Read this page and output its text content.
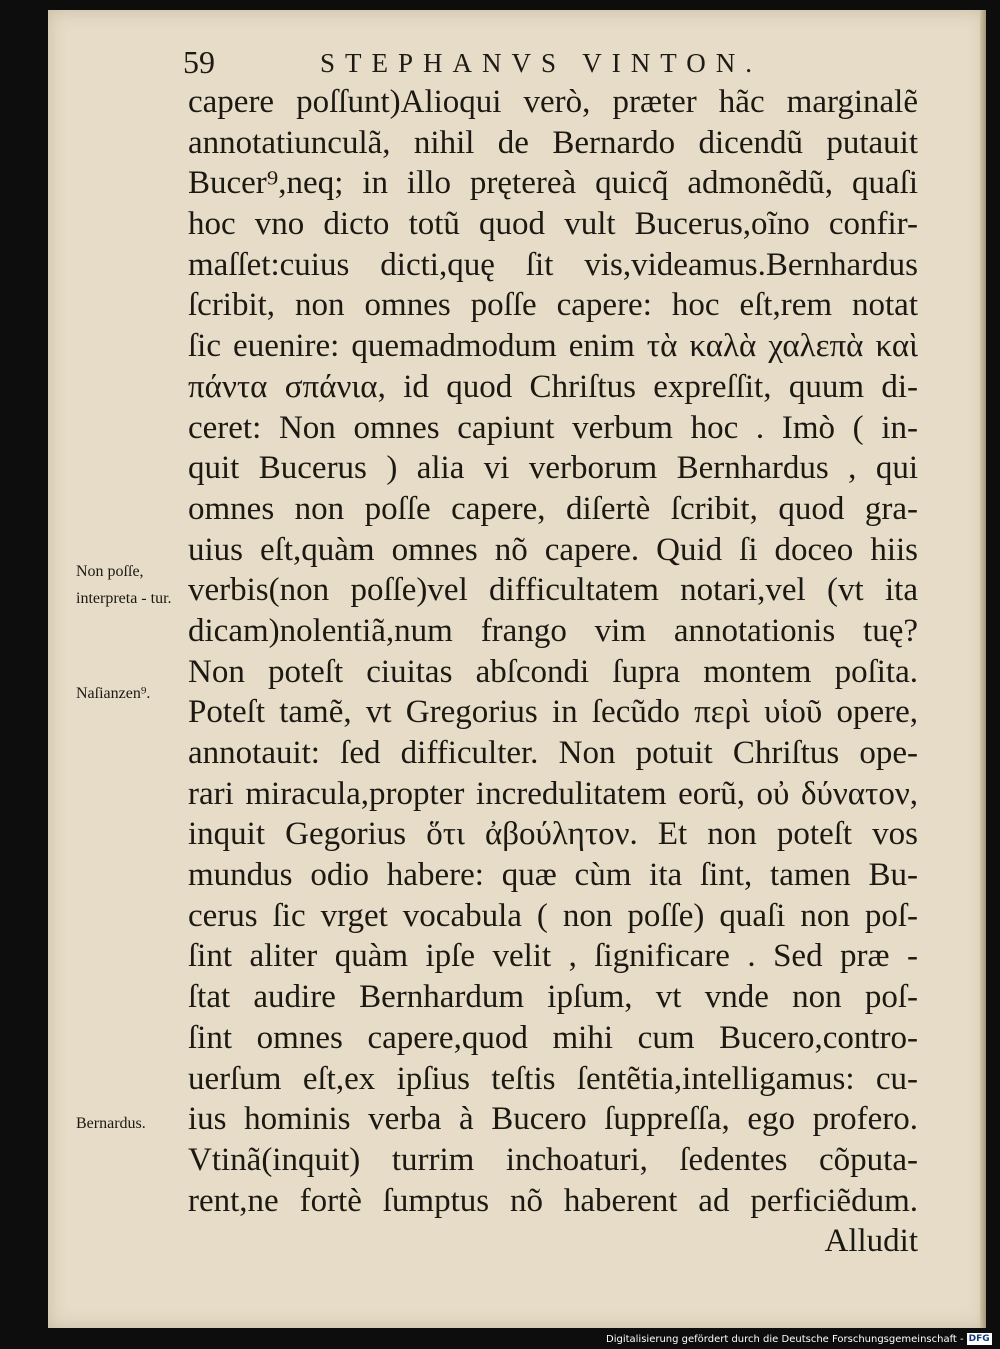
59	STEPHANVS VINTON.
capere poſſunt)Alioqui verò, præter hãc marginalẽ
annotatiunculã, nihil de Bernardo dicendũ putauit
Bucer⁹,neq; in illo prętereà quicq̃ admonẽdũ, quaſi
hoc vno dicto totũ quod vult Bucerus,oĩno confir-
maſſet:cuius dicti,quę ſit vis,videamus.Bernhardus
ſcribit, non omnes poſſe capere: hoc eſt,rem notat
ſic euenire: quemadmodum enim τὰ καλὰ χαλεπὰ καὶ
πάντα σπάνια, id quod Chriſtus expreſſit, quum di-
ceret: Non omnes capiunt verbum hoc . Imò ( in-
quit Bucerus ) alia vi verborum Bernhardus , qui
omnes non poſſe capere, diſertè ſcribit, quod gra-
uius eſt,quàm omnes nõ capere. Quid ſi doceo hiis
verbis(non poſſe)vel difficultatem notari,vel (vt ita
dicam)nolentiã,num frango vim annotationis tuę?
Non poteſt ciuitas abſcondi ſupra montem poſita.
Poteſt tamẽ, vt Gregorius in ſecũdo περὶ υἱοῦ opere,
annotauit: ſed difficulter. Non potuit Chriſtus ope-
rari miracula,propter incredulitatem eorũ, οὐ δύνατον,
inquit Gegorius ὅτι ἀβούλητον. Et non poteſt vos
mundus odio habere: quæ cùm ita ſint, tamen Bu-
cerus ſic vrget vocabula ( non poſſe) quaſi non poſ-
ſint aliter quàm ipſe velit , ſignificare . Sed præ -
ſtat audire Bernhardum ipſum, vt vnde non poſ-
ſint omnes capere,quod mihi cum Bucero,contro-
uerſum eſt,ex ipſius teſtis ſentẽtia,intelligamus: cu-
ius hominis verba à Bucero ſuppreſſa, ego profero.
Vtinã(inquit) turrim inchoaturi, ſedentes cõputa-
rent,ne fortè ſumptus nõ haberent ad perficiẽdum.
Alludit
Non poſſe, interpreta - tur.
Naſianzen⁹.
Bernardus.
Digitalisierung gefördert durch die Deutsche Forschungsgemeinschaft - DFG
